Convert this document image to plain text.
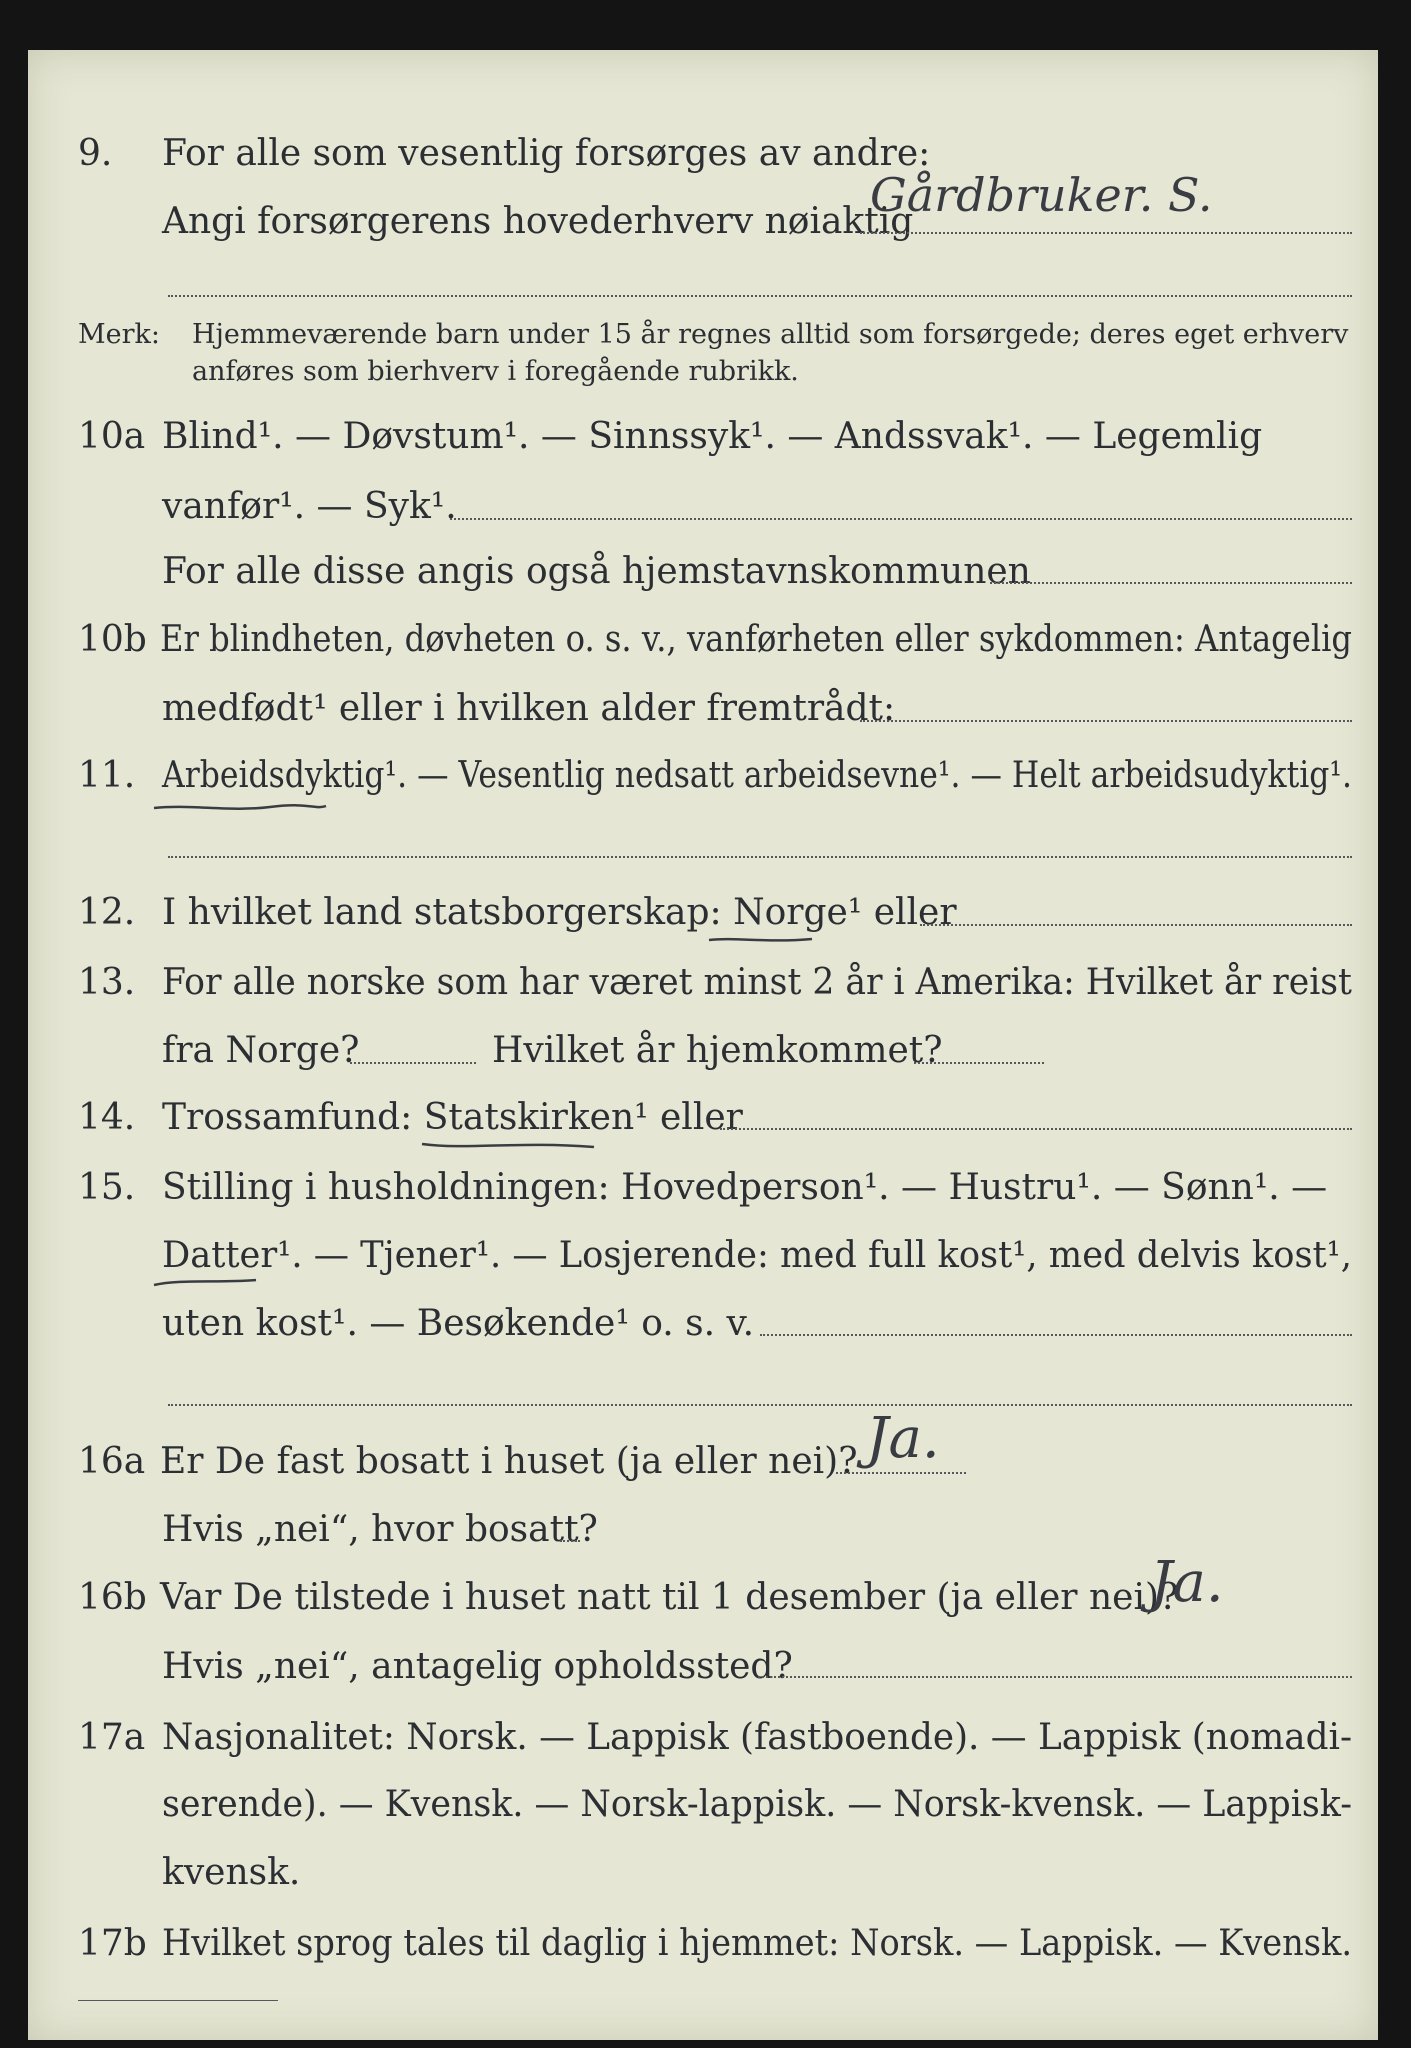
9. For alle som vesentlig forsørges av andre:
Angi forsørgerens hovederhverv nøiaktig
Gårdbruker. S.
Merk: Hjemmeværende barn under 15 år regnes alltid som forsørgede; deres eget erhverv
anføres som bierhverv i foregående rubrikk.
10a Blind¹. — Døvstum¹. — Sinnssyk¹. — Andssvak¹. — Legemlig
vanfør¹. — Syk¹.
For alle disse angis også hjemstavnskommunen
10b Er blindheten, døvheten o. s. v., vanførheten eller sykdommen: Antagelig
medfødt¹ eller i hvilken alder fremtrådt:
11. Arbeidsdyktig¹. — Vesentlig nedsatt arbeidsevne¹. — Helt arbeidsudyktig¹.
12. I hvilket land statsborgerskap: Norge¹ eller
13. For alle norske som har været minst 2 år i Amerika: Hvilket år reist
fra Norge?	Hvilket år hjemkommet?
14. Trossamfund: Statskirken¹ eller
15. Stilling i husholdningen: Hovedperson¹. — Hustru¹. — Sønn¹. —
Datter¹. — Tjener¹. — Losjerende: med full kost¹, med delvis kost¹,
uten kost¹. — Besøkende¹ o. s. v.
16a Er De fast bosatt i huset (ja eller nei)? Ja.
Hvis „nei“, hvor bosatt?
16b Var De tilstede i huset natt til 1 desember (ja eller nei)?
Ja.
Hvis „nei“, antagelig opholdssted?
17a Nasjonalitet: Norsk. — Lappisk (fastboende). — Lappisk (nomadi-
serende). — Kvensk. — Norsk-lappisk. — Norsk-kvensk. — Lappisk-
kvensk.
17b Hvilket sprog tales til daglig i hjemmet: Norsk. — Lappisk. — Kvensk.
